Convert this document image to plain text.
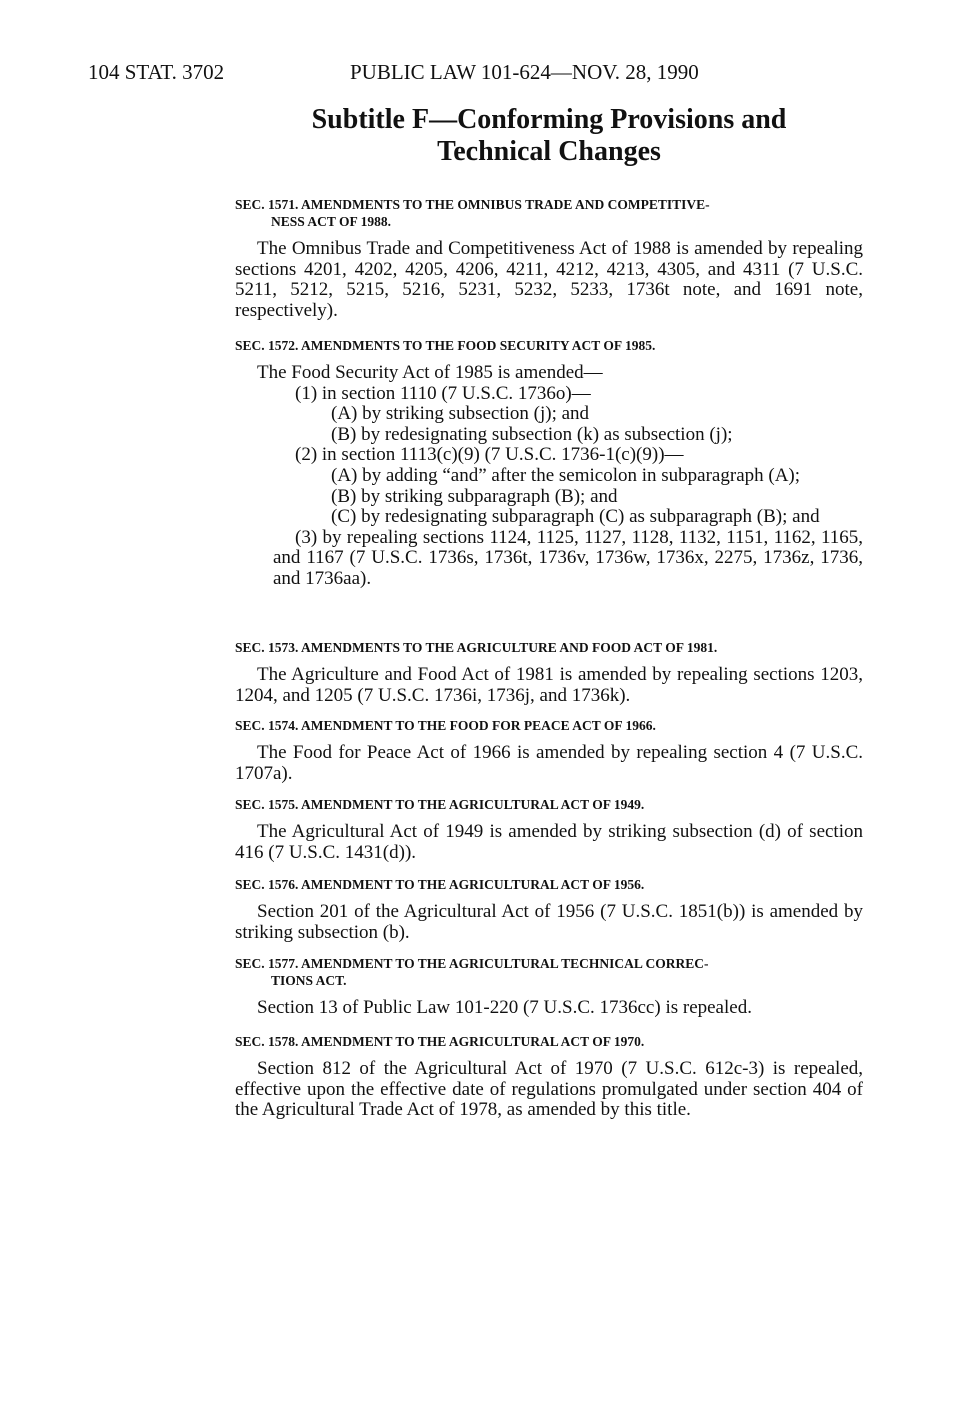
104 STAT. 3702	PUBLIC LAW 101-624—NOV. 28, 1990
Subtitle F—Conforming Provisions and
Technical Changes

SEC. 1571. AMENDMENTS TO THE OMNIBUS TRADE AND COMPETITIVE-
NESS ACT OF 1988.

The Omnibus Trade and Competitiveness Act of 1988 is amended by repealing sections 4201, 4202, 4205, 4206, 4211, 4212, 4213, 4305, and 4311 (7 U.S.C. 5211, 5212, 5215, 5216, 5231, 5232, 5233, 1736t note, and 1691 note, respectively).

SEC. 1572. AMENDMENTS TO THE FOOD SECURITY ACT OF 1985.

The Food Security Act of 1985 is amended—

(1) in section 1110 (7 U.S.C. 1736o)—

(A) by striking subsection (j); and

(B) by redesignating subsection (k) as subsection (j);

(2) in section 1113(c)(9) (7 U.S.C. 1736-1(c)(9))—

(A) by adding “and” after the semicolon in subparagraph (A);

(B) by striking subparagraph (B); and

(C) by redesignating subparagraph (C) as subparagraph (B); and

(3) by repealing sections 1124, 1125, 1127, 1128, 1132, 1151, 1162, 1165, and 1167 (7 U.S.C. 1736s, 1736t, 1736v, 1736w, 1736x, 2275, 1736z, 1736, and 1736aa).

SEC. 1573. AMENDMENTS TO THE AGRICULTURE AND FOOD ACT OF 1981.

The Agriculture and Food Act of 1981 is amended by repealing sections 1203, 1204, and 1205 (7 U.S.C. 1736i, 1736j, and 1736k).

SEC. 1574. AMENDMENT TO THE FOOD FOR PEACE ACT OF 1966.

The Food for Peace Act of 1966 is amended by repealing section 4 (7 U.S.C. 1707a).

SEC. 1575. AMENDMENT TO THE AGRICULTURAL ACT OF 1949.

The Agricultural Act of 1949 is amended by striking subsection (d) of section 416 (7 U.S.C. 1431(d)).

SEC. 1576. AMENDMENT TO THE AGRICULTURAL ACT OF 1956.

Section 201 of the Agricultural Act of 1956 (7 U.S.C. 1851(b)) is amended by striking subsection (b).

SEC. 1577. AMENDMENT TO THE AGRICULTURAL TECHNICAL CORREC-
TIONS ACT.

Section 13 of Public Law 101-220 (7 U.S.C. 1736cc) is repealed.

SEC. 1578. AMENDMENT TO THE AGRICULTURAL ACT OF 1970.

Section 812 of the Agricultural Act of 1970 (7 U.S.C. 612c-3) is repealed, effective upon the effective date of regulations promulgated under section 404 of the Agricultural Trade Act of 1978, as amended by this title.
